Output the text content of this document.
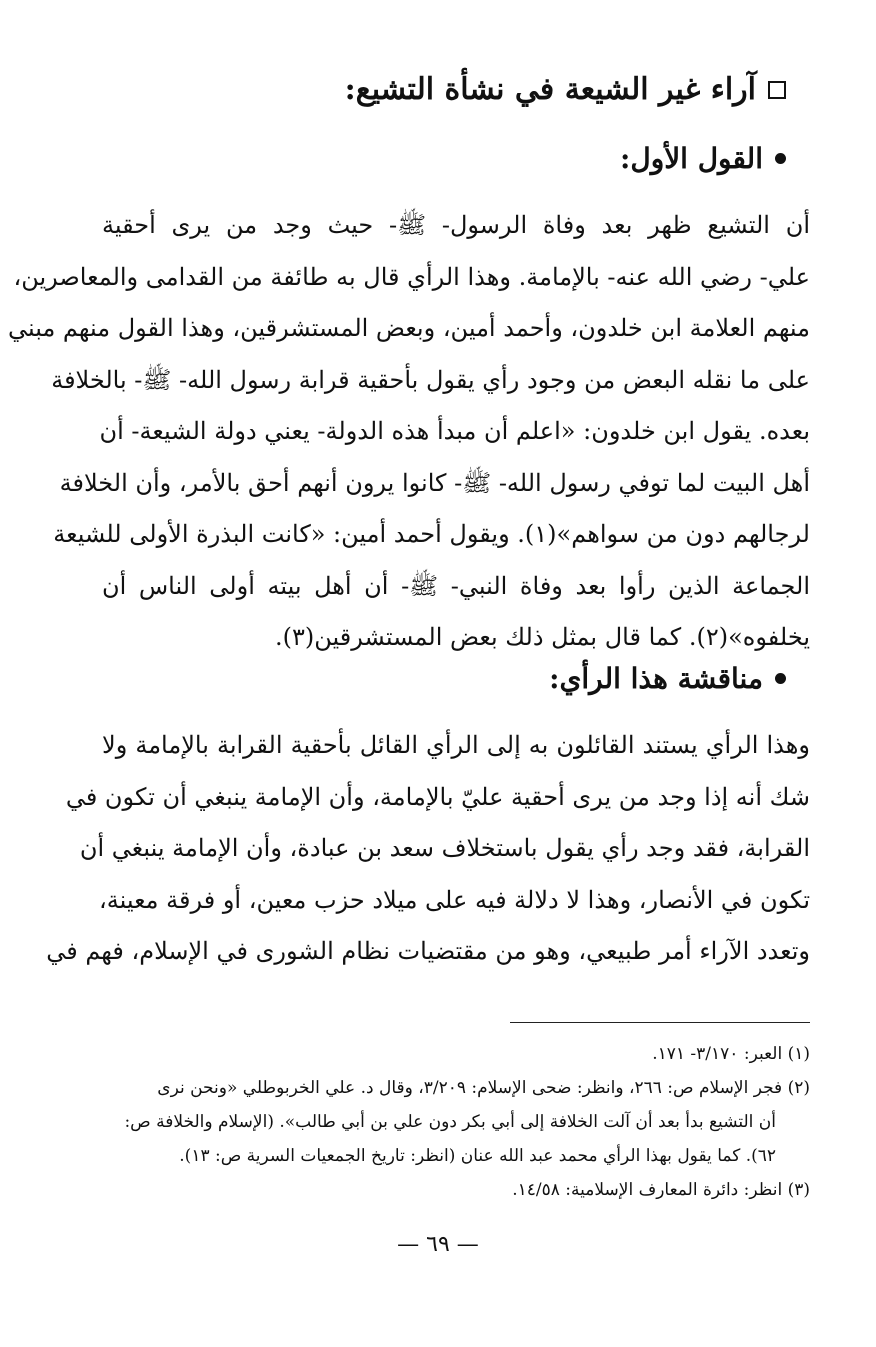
آراء غير الشيعة في نشأة التشيع:
القول الأول:
أن التشيع ظهر بعد وفاة الرسول- ﷺ- حيث وجد من يرى أحقية
علي- رضي الله عنه- بالإمامة. وهذا الرأي قال به طائفة من القدامى والمعاصرين،
منهم العلامة ابن خلدون، وأحمد أمين، وبعض المستشرقين، وهذا القول منهم مبني
على ما نقله البعض من وجود رأي يقول بأحقية قرابة رسول الله- ﷺ- بالخلافة
بعده. يقول ابن خلدون: «اعلم أن مبدأ هذه الدولة- يعني دولة الشيعة- أن
أهل البيت لما توفي رسول الله- ﷺ- كانوا يرون أنهم أحق بالأمر، وأن الخلافة
لرجالهم دون من سواهم»(١). ويقول أحمد أمين: «كانت البذرة الأولى للشيعة
الجماعة الذين رأوا بعد وفاة النبي- ﷺ- أن أهل بيته أولى الناس أن
يخلفوه»(٢). كما قال بمثل ذلك بعض المستشرقين(٣).
مناقشة هذا الرأي:
وهذا الرأي يستند القائلون به إلى الرأي القائل بأحقية القرابة بالإمامة ولا
شك أنه إذا وجد من يرى أحقية عليّ بالإمامة، وأن الإمامة ينبغي أن تكون في
القرابة، فقد وجد رأي يقول باستخلاف سعد بن عبادة، وأن الإمامة ينبغي أن
تكون في الأنصار، وهذا لا دلالة فيه على ميلاد حزب معين، أو فرقة معينة،
وتعدد الآراء أمر طبيعي، وهو من مقتضيات نظام الشورى في الإسلام، فهم في
(١) العبر: ٣/١٧٠- ١٧١.
(٢) فجر الإسلام ص: ٢٦٦، وانظر: ضحى الإسلام: ٣/٢٠٩، وقال د. علي الخربوطلي «ونحن نرى
أن التشيع بدأ بعد أن آلت الخلافة إلى أبي بكر دون علي بن أبي طالب». (الإسلام والخلافة ص:
٦٢). كما يقول بهذا الرأي محمد عبد الله عنان (انظر: تاريخ الجمعيات السرية ص: ١٣).
(٣) انظر: دائرة المعارف الإسلامية: ١٤/٥٨.
— ٦٩ —
